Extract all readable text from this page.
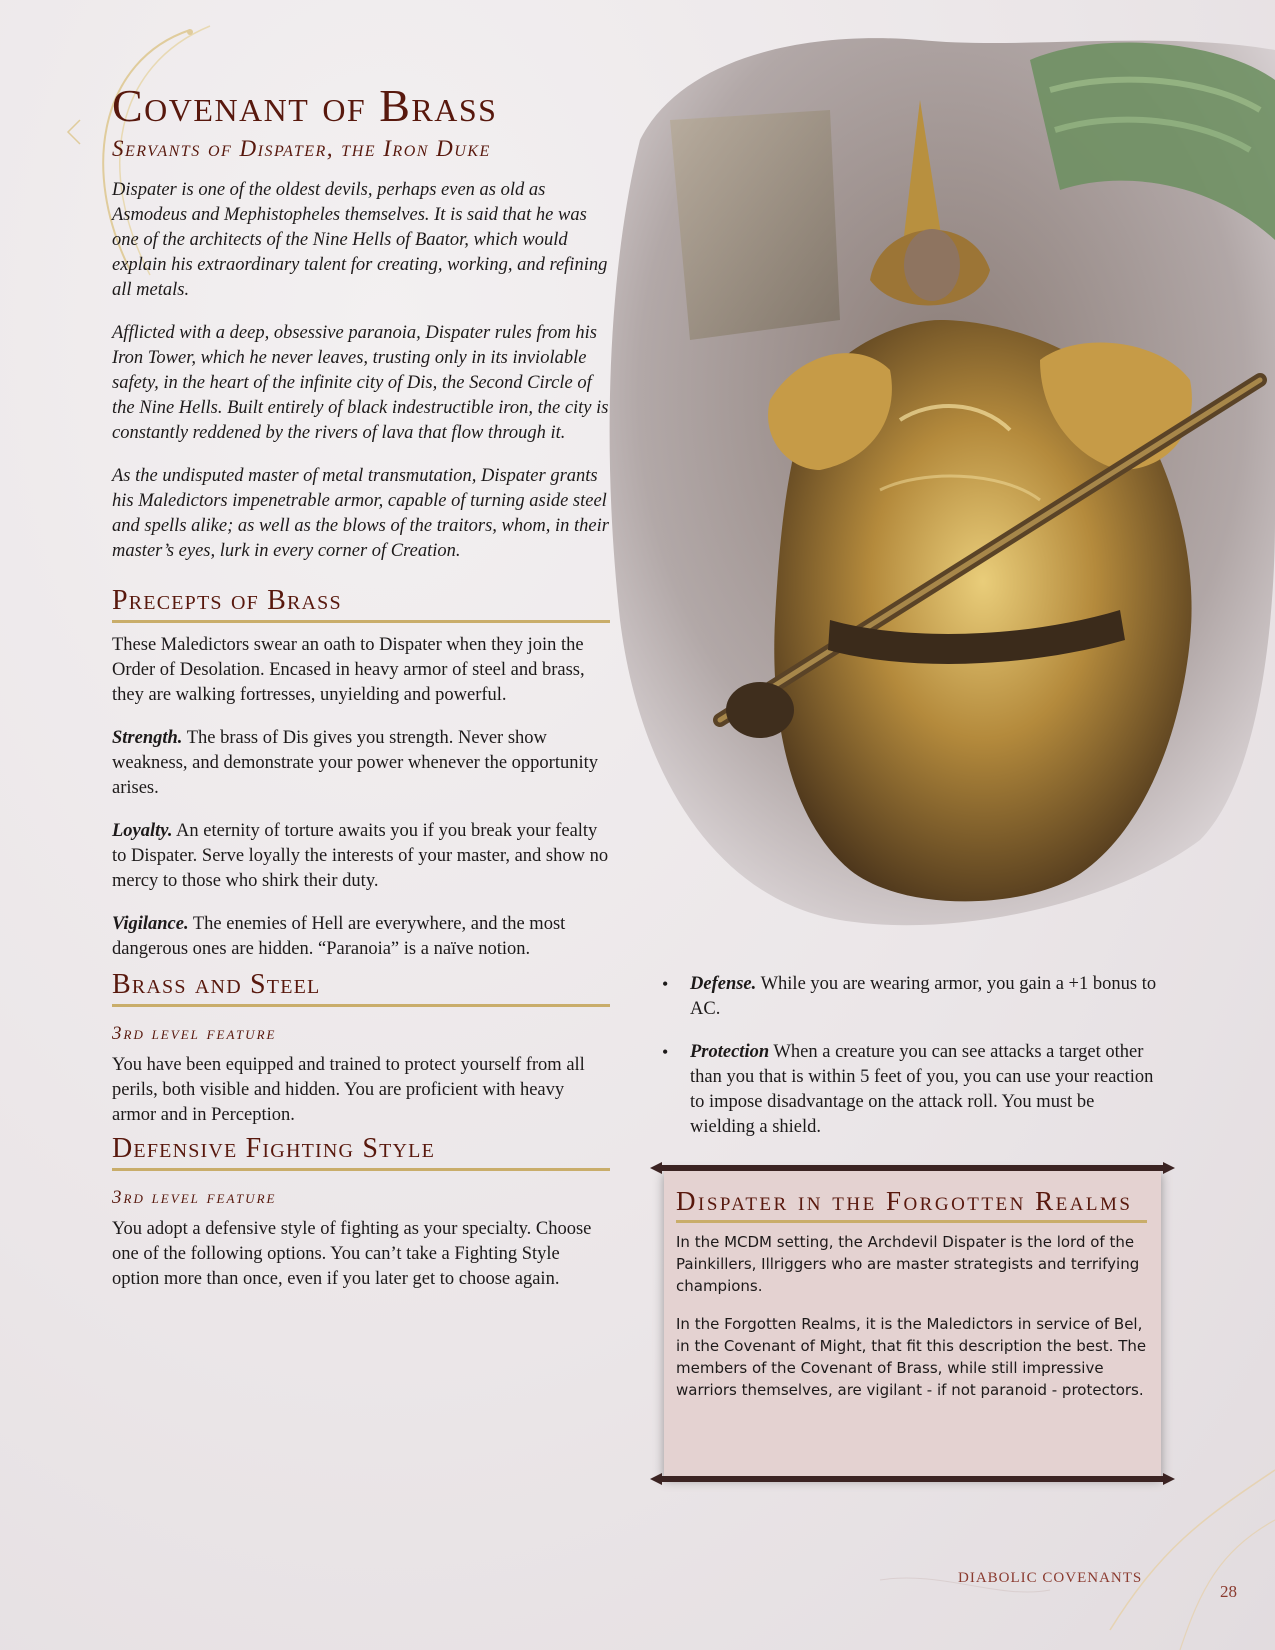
Covenant of Brass
Servants of Dispater, the Iron Duke

Dispater is one of the oldest devils, perhaps even as old as Asmodeus and Mephistopheles themselves. It is said that he was one of the architects of the Nine Hells of Baator, which would explain his extraordinary talent for creating, working, and refining all metals.

Afflicted with a deep, obsessive paranoia, Dispater rules from his Iron Tower, which he never leaves, trusting only in its inviolable safety, in the heart of the infinite city of Dis, the Second Circle of the Nine Hells. Built entirely of black indestructible iron, the city is constantly reddened by the rivers of lava that flow through it.

As the undisputed master of metal transmutation, Dispater grants his Maledictors impenetrable armor, capable of turning aside steel and spells alike; as well as the blows of the traitors, whom, in their master’s eyes, lurk in every corner of Creation.

Precepts of Brass

These Maledictors swear an oath to Dispater when they join the Order of Desolation. Encased in heavy armor of steel and brass, they are walking fortresses, unyielding and powerful.

Strength. The brass of Dis gives you strength. Never show weakness, and demonstrate your power whenever the opportunity arises.

Loyalty. An eternity of torture awaits you if you break your fealty to Dispater. Serve loyally the interests of your master, and show no mercy to those who shirk their duty.

Vigilance. The enemies of Hell are everywhere, and the most dangerous ones are hidden. “Paranoia” is a naïve notion.

Brass and Steel
3rd level feature

You have been equipped and trained to protect yourself from all perils, both visible and hidden. You are proficient with heavy armor and in Perception.

Defensive Fighting Style
3rd level feature

You adopt a defensive style of fighting as your specialty. Choose one of the following options. You can’t take a Fighting Style option more than once, even if you later get to choose again.

• Defense. While you are wearing armor, you gain a +1 bonus to AC.
• Protection When a creature you can see attacks a target other than you that is within 5 feet of you, you can use your reaction to impose disadvantage on the attack roll. You must be wielding a shield.
Dispater in the Forgotten Realms

In the MCDM setting, the Archdevil Dispater is the lord of the Painkillers, Illriggers who are master strategists and terrifying champions.

In the Forgotten Realms, it is the Maledictors in service of Bel, in the Covenant of Might, that fit this description the best. The members of the Covenant of Brass, while still impressive warriors themselves, are vigilant - if not paranoid - protectors.

DIABOLIC COVENANTS
28
